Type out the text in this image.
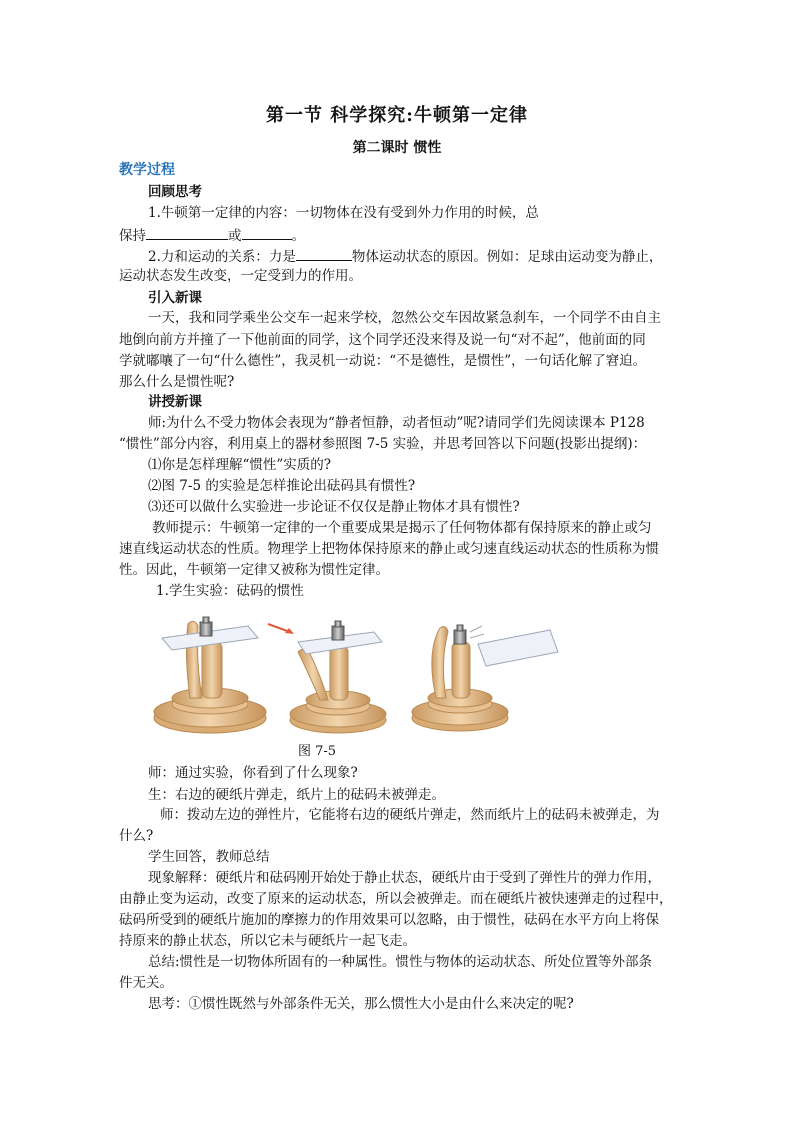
第一节 科学探究:牛顿第一定律
第二课时 惯性
教学过程
回顾思考
1.牛顿第一定律的内容：一切物体在没有受到外力作用的时候，总
保持	或	。
2.力和运动的关系：力是	物体运动状态的原因。例如：足球由运动变为静止，
运动状态发生改变，一定受到力的作用。
引入新课
一天，我和同学乘坐公交车一起来学校，忽然公交车因故紧急刹车，一个同学不由自主
地倒向前方并撞了一下他前面的同学，这个同学还没来得及说一句“对不起”，他前面的同
学就嘟嚷了一句“什么德性”，我灵机一动说：“不是德性，是惯性”，一句话化解了窘迫。
那么什么是惯性呢?
讲授新课
师:为什么不受力物体会表现为“静者恒静，动者恒动”呢?请同学们先阅读课本 P128
“惯性”部分内容，利用桌上的器材参照图 7-5 实验，并思考回答以下问题(投影出提纲)：
⑴你是怎样理解“惯性”实质的?
⑵图 7-5 的实验是怎样推论出砝码具有惯性?
⑶还可以做什么实验进一步论证不仅仅是静止物体才具有惯性?
教师提示：牛顿第一定律的一个重要成果是揭示了任何物体都有保持原来的静止或匀
速直线运动状态的性质。物理学上把物体保持原来的静止或匀速直线运动状态的性质称为惯
性。因此，牛顿第一定律又被称为惯性定律。
1.学生实验：砝码的惯性
图 7-5
师：通过实验，你看到了什么现象?
生：右边的硬纸片弹走，纸片上的砝码未被弹走。
师：拨动左边的弹性片，它能将右边的硬纸片弹走，然而纸片上的砝码未被弹走，为
什么?
学生回答，教师总结
现象解释：硬纸片和砝码刚开始处于静止状态，硬纸片由于受到了弹性片的弹力作用，
由静止变为运动，改变了原来的运动状态，所以会被弹走。而在硬纸片被快速弹走的过程中，
砝码所受到的硬纸片施加的摩擦力的作用效果可以忽略，由于惯性，砝码在水平方向上将保
持原来的静止状态，所以它未与硬纸片一起飞走。
总结:惯性是一切物体所固有的一种属性。惯性与物体的运动状态、所处位置等外部条
件无关。
思考：①惯性既然与外部条件无关，那么惯性大小是由什么来决定的呢?
